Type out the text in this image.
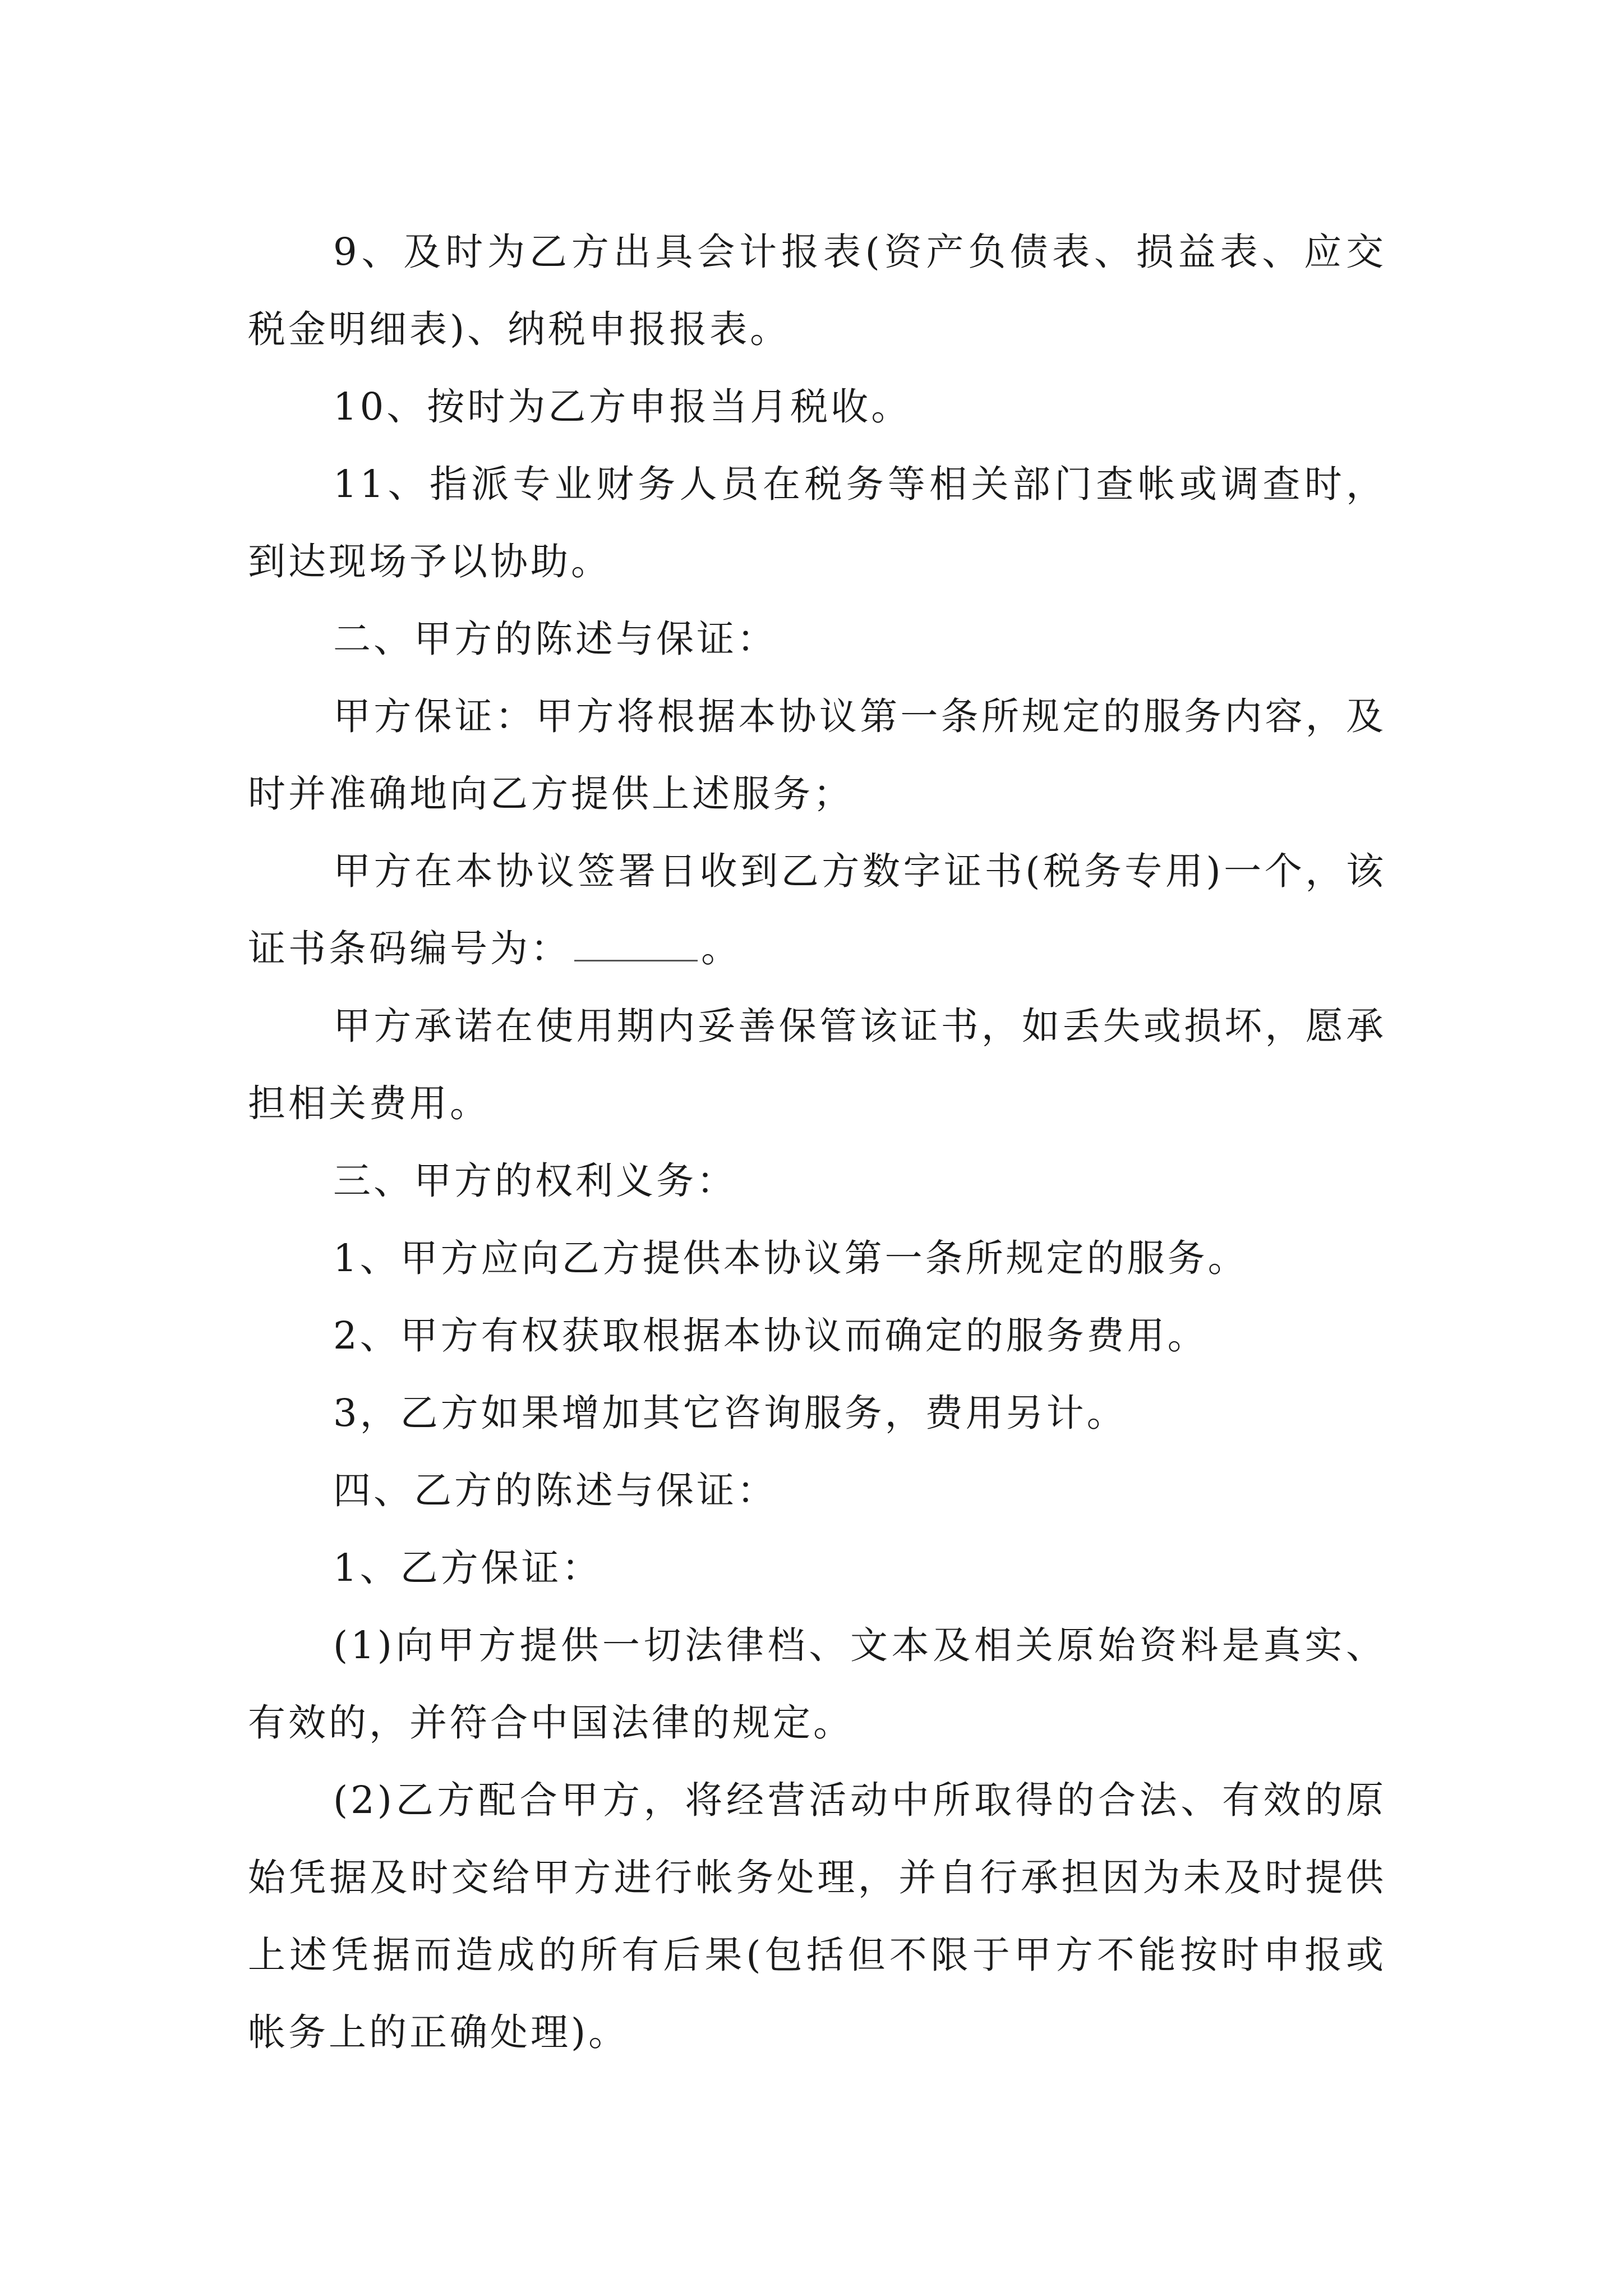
9、及时为乙方出具会计报表(资产负债表、损益表、应交税金明细表)、纳税申报报表。

10、按时为乙方申报当月税收。

11、指派专业财务人员在税务等相关部门查帐或调查时，到达现场予以协助。

二、甲方的陈述与保证：

甲方保证：甲方将根据本协议第一条所规定的服务内容，及时并准确地向乙方提供上述服务；

甲方在本协议签署日收到乙方数字证书(税务专用)一个，该证书条码编号为：	。

甲方承诺在使用期内妥善保管该证书，如丢失或损坏，愿承担相关费用。

三、甲方的权利义务：

1、甲方应向乙方提供本协议第一条所规定的服务。

2、甲方有权获取根据本协议而确定的服务费用。

3，乙方如果增加其它咨询服务，费用另计。

四、乙方的陈述与保证：

1、乙方保证：

(1)向甲方提供一切法律档、文本及相关原始资料是真实、有效的，并符合中国法律的规定。

(2)乙方配合甲方，将经营活动中所取得的合法、有效的原始凭据及时交给甲方进行帐务处理，并自行承担因为未及时提供上述凭据而造成的所有后果(包括但不限于甲方不能按时申报或帐务上的正确处理)。
